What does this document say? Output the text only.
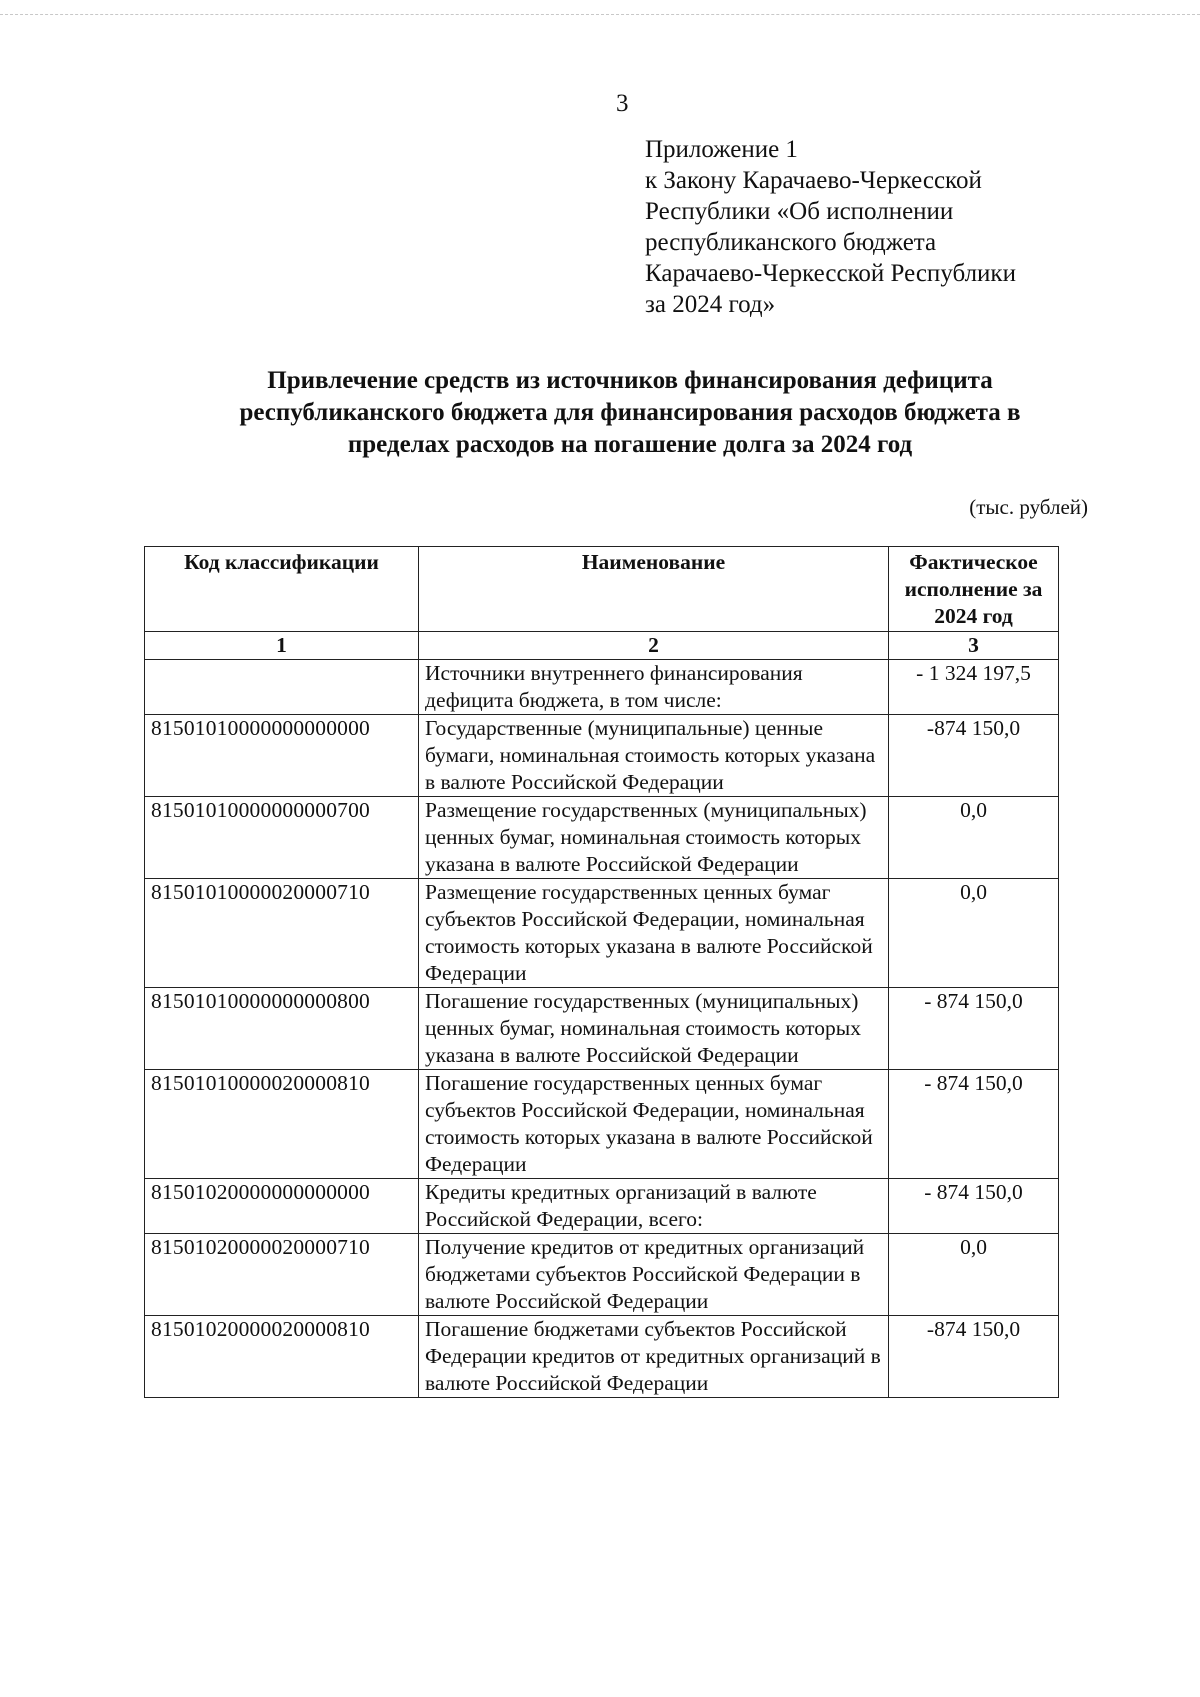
3
Приложение 1
к Закону Карачаево-Черкесской
Республики «Об исполнении
республиканского бюджета
Карачаево-Черкесской Республики
за 2024 год»
Привлечение средств из источников финансирования дефицита
республиканского бюджета для финансирования расходов бюджета в
пределах расходов на погашение долга за 2024 год
(тыс. рублей)
Код классификации	Наименование	Фактическое исполнение за 2024 год
1	2	3
	Источники внутреннего финансирования дефицита бюджета, в том числе:	- 1 324 197,5
81501010000000000000	Государственные (муниципальные) ценные бумаги, номинальная стоимость которых указана в валюте Российской Федерации	-874 150,0
81501010000000000700	Размещение государственных (муниципальных) ценных бумаг, номинальная стоимость которых указана в валюте Российской Федерации	0,0
81501010000020000710	Размещение государственных ценных бумаг субъектов Российской Федерации, номинальная стоимость которых указана в валюте Российской Федерации	0,0
81501010000000000800	Погашение государственных (муниципальных) ценных бумаг, номинальная стоимость которых указана в валюте Российской Федерации	- 874 150,0
81501010000020000810	Погашение государственных ценных бумаг субъектов Российской Федерации, номинальная стоимость которых указана в валюте Российской Федерации	- 874 150,0
81501020000000000000	Кредиты кредитных организаций в валюте Российской Федерации, всего:	- 874 150,0
81501020000020000710	Получение кредитов от кредитных организаций бюджетами субъектов Российской Федерации в валюте Российской Федерации	0,0
81501020000020000810	Погашение бюджетами субъектов Российской Федерации кредитов от кредитных организаций в валюте Российской Федерации	-874 150,0
